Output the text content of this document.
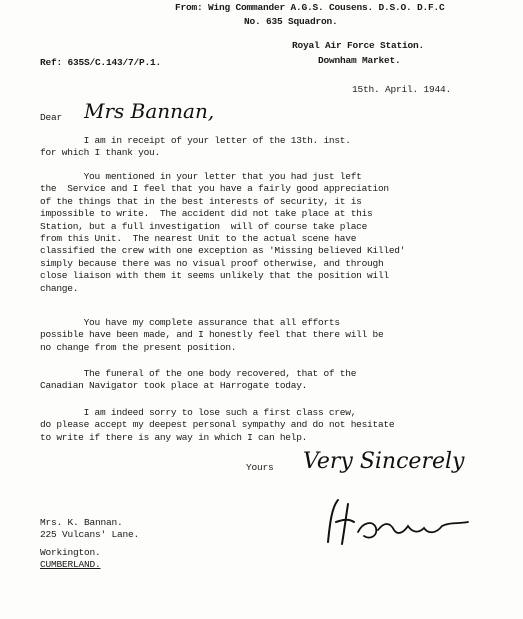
From: Wing Commander A.G.S. Cousens. D.S.O. D.F.C
No. 635 Squadron.
Royal Air Force Station.
Downham Market.
Ref: 635S/C.143/7/P.1.
15th. April. 1944.
Dear Mrs Bannan,
I am in receipt of your letter of the 13th. inst.
for which I thank you.
You mentioned in your letter that you had just left
the  Service and I feel that you have a fairly good appreciation
of the things that in the best interests of security, it is
impossible to write.  The accident did not take place at this
Station, but a full investigation  will of course take place
from this Unit.  The nearest Unit to the actual scene have
classified the crew with one exception as 'Missing believed Killed'
simply because there was no visual proof otherwise, and through
close liaison with them it seems unlikely that the position will
change.
You have my complete assurance that all efforts
possible have been made, and I honestly feel that there will be
no change from the present position.
The funeral of the one body recovered, that of the
Canadian Navigator took place at Harrogate today.
I am indeed sorry to lose such a first class crew,
do please accept my deepest personal sympathy and do not hesitate
to write if there is any way in which I can help.
Yours Very Sincerely
Mrs. K. Bannan.
225 Vulcans' Lane.
Workington.
CUMBERLAND.
